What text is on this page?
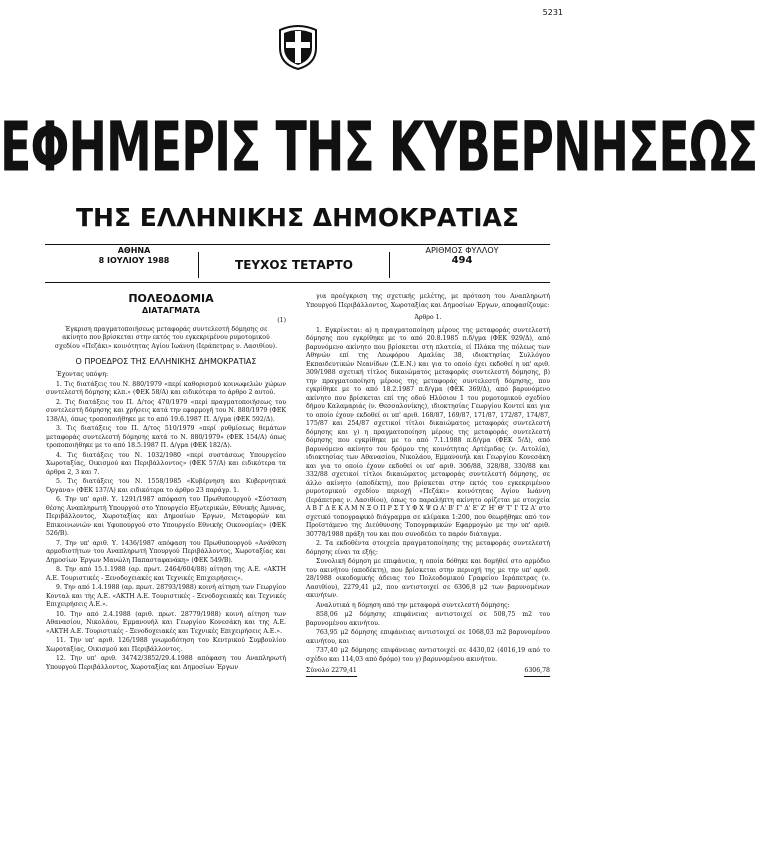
5231
ΕΦΗΜΕΡΙΣ ΤΗΣ ΚΥΒΕΡΝΗΣΕΩΣ
ΤΗΣ ΕΛΛΗΝΙΚΗΣ ΔΗΜΟΚΡΑΤΙΑΣ
ΑΘΗΝΑ
8 ΙΟΥΛΙΟΥ 1988	ΤΕΥΧΟΣ ΤΕΤΑΡΤΟ
ΑΡΙΘΜΟΣ ΦΥΛΛΟΥ
494

ΠΟΛΕΟΔΟΜΙΑ

ΔΙΑΤΑΓΜΑΤΑ

(1)

Έγκριση πραγματοποιήσεως μεταφοράς συντελεστή δόμησης σε ακίνητο που βρίσκεται στην εκτός του εγκεκριμένου ρυμοτομικού σχεδίου «Πεζάκι» κοινότητας Αγίου Ιωάννη (Ιεράπετρας ν. Λασιθίου).

Ο ΠΡΟΕΔΡΟΣ ΤΗΣ ΕΛΛΗΝΙΚΗΣ ΔΗΜΟΚΡΑΤΙΑΣ

Έχοντας υπόψη:

1. Τις διατάξεις του Ν. 880/1979 «περί καθορισμού κοινωφελών χώρων συντελεστή δόμησης κλπ.» (ΦΕΚ 58/Α) και ειδικότερα το άρθρο 2 αυτού.

2. Τις διατάξεις του Π. Δ/τος 470/1979 «περί πραγματοποιήσεως του συντελεστή δόμησης και χρήσεις κατά την εφαρμογή του Ν. 880/1979 (ΦΕΚ 138/Α), όπως τροποποιήθηκε με το από 19.6.1987 Π. Δ/γμα (ΦΕΚ 592/Δ).

3. Τις διατάξεις του Π. Δ/τος 510/1979 «περί ρυθμίσεως θεμάτων μεταφοράς συντελεστή δόμησης κατά το Ν. 880/1979» (ΦΕΚ 154/Α) όπως τροποποιήθηκε με το από 18.5.1987 Π. Δ/γμα (ΦΕΚ 182/Δ).

4. Τις διατάξεις του Ν. 1032/1980 «περί συστάσεως Υπουργείου Χωροταξίας, Οικισμού και Περιβάλλοντος» (ΦΕΚ 57/Α) και ειδικότερα τα άρθρα 2, 3 και 7.

5. Τις διατάξεις του Ν. 1558/1985 «Κυβέρνηση και Κυβερνητικά Όργανα» (ΦΕΚ 137/Α) και ειδικότερα το άρθρο 23 παράγρ. 1.

6. Την υπ' αριθ. Υ. 1291/1987 απόφαση του Πρωθυπουργού «Σύσταση θέσης Αναπληρωτή Υπουργού στο Υπουργείο Εξωτερικών, Εθνικής Άμυνας, Περιβάλλοντος, Χωροταξίας και Δημοσίων Έργων, Μεταφορών και Επικοινωνιών και Υφυπουργού στο Υπουργείο Εθνικής Οικονομίας» (ΦΕΚ 526/Β).

7. Την υπ' αριθ. Υ. 1436/1987 απόφαση του Πρωθυπουργού «Ανάθεση αρμοδιοτήτων του Αναπληρωτή Υπουργού Περιβάλλοντος, Χωροταξίας και Δημοσίων Έργων Μανώλη Παπασταφανάκη» (ΦΕΚ 549/Β).

8. Την από 15.1.1988 (αρ. πρωτ. 2464/604/88) αίτηση της Α.Ε. «ΑΚΤΗ Α.Ε. Τουριστικές - Ξενοδοχειακές και Τεχνικές Επιχειρήσεις».

9. Την από 1.4.1988 (αρ. πρωτ. 28793/1988) κοινή αίτηση των Γεωργίου Κονταλ και της Α.Ε. «ΑΚΤΗ Α.Ε. Τουριστικές - Ξενοδοχειακές και Τεχνικές Επιχειρήσεις Α.Ε.».

10. Την από 2.4.1988 (αριθ. πρωτ. 28779/1988) κοινή αίτηση των Αθανασίου, Νικολάου, Εμμανουήλ και Γεωργίου Κονεσάκη και της Α.Ε. «ΑΚΤΗ Α.Ε. Τουριστικές - Ξενοδοχειακές και Τεχνικές Επιχειρήσεις Α.Ε.».

11. Την υπ' αριθ. 126/1988 γνωμοδότηση του Κεντρικού Συμβουλίου Χωροταξίας, Οικισμού και Περιβάλλοντος.

12. Την υπ' αριθ. 34742/3852/29.4.1988 απόφαση του Αναπληρωτή Υπουργού Περιβάλλοντος, Χωροταξίας και Δημοσίων Έργων

για προέγκριση της σχετικής μελέτης, με πρόταση του Αναπληρωτή Υπουργού Περιβάλλοντος, Χωροταξίας και Δημοσίων Έργων, αποφασίζουμε:

Άρθρο 1.

1. Εγκρίνεται: α) η πραγματοποίηση μέρους της μεταφοράς συντελεστή δόμησης που εγκρίθηκε με το από 20.8.1985 π.δ/γμα (ΦΕΚ 929/Δ), από βαρυνόμενο ακίνητο που βρίσκεται στη πλατεία, εί Πλάκα της πόλεως των Αθηνών επί της Λεωφόρου Αμαλίας 38, ιδιοκτησίας Συλλόγου Εκπαιδευτικών Νεανίδων (Σ.Ε.Ν.) και για το οποίο έχει εκδοθεί η υπ' αριθ. 309/1988 σχετική τίτλος δικαιώματος μεταφοράς συντελεστή δόμησης, β) την πραγματοποίηση μέρους της μεταφοράς συντελεστή δόμησης, που εγκρίθηκε με το από 18.2.1987 π.δ/γμα (ΦΕΚ 369/Δ), από βαρυνόμενο ακίνητο που βρίσκεται επί της οδού Ηλύσιου 1 του ρυμοτομικού σχεδίου δήμου Καλαμαριάς (ν. Θεσσαλονίκης), ιδιοκτησίας Γεωργίου Κοντεί και για το οποίο έχουν εκδοθεί οι υπ' αριθ. 168/87, 169/87, 171/87, 172/87, 174/87, 175/87 και 254/87 σχετικοί τίτλοι δικαιώματος μεταφοράς συντελεστή δόμησης και γ) η πραγματοποίηση μέρους της μεταφοράς συντελεστή δόμησης που εγκρίθηκε με το από 7.1.1988 π.δ/γμα (ΦΕΚ 5/Δ), από βαρυνόμενο ακίνητο του δρόμου της κοινότητας Αρτέμιδας (ν. Αιτολία), ιδιοκτησίας των Αθανασίου, Νικολάου, Εμμανουήλ και Γεωργίου Κονεσάκη και για το οποίο έχουν εκδοθεί οι υπ' αριθ. 306/88, 328/88, 330/88 και 332/88 σχετικοί τίτλοι δικαιώματος μεταφοράς συντελεστή δόμησης, σε άλλο ακίνητο (αποδέκτη), που βρίσκεται στην εκτός του εγκεκριμένου ρυμοτομικού σχεδίου περιοχή «Πεζάκι» κοινότητας Αγίου Ιωάννη (Ιεράπετρας ν. Λασιθίου), όπως το παραλήπτη ακίνητο ορίζεται με στοιχεία Α Β Γ Δ Ε Κ Λ Μ Ν Ξ Ο Π Ρ Σ Τ Υ Φ Χ Ψ Ω Α' Β' Γ' Δ' Ε' Ζ' Η' Θ' Τ' Ι' Τ2 Α' στο σχετικό τοπογραφικό διάγραμμα σε κλίμακα 1:200, που θεωρήθηκε από τον Προϊστάμενο της Διεύθυνσης Τοπογραφικών Εφαρμογών με την υπ' αριθ. 30778/1988 πράξη του και που συνοδεύει το παρόν διάταγμα.

2. Τα εκδοθέντα στοιχεία πραγματοποίησης της μεταφοράς συντελεστή δόμησης είναι τα εξής:

Συνολική δόμηση με επιφάνεια, η οποία δόθηκε και δομήθεί στο αρμόδιο του ακινήτου (αποδέκτη), που βρίσκεται στην περιοχή της με την υπ' αριθ. 28/1988 οικοδομικής άδειας του Πολεοδομικού Γραφείου Ιεράπετρας (ν. Λασιθίου), 2279,41 μ2, που αντιστοιχεί σε 6306,8 μ2 των βαρυνομένων ακινήτων.

Αναλυτικά η δόμηση από την μεταφορά συντελεστή δόμησης:

858,06 μ2 δόμησης επιφάνειας αντιστοιχεί σε 508,75 m2 του βαρυνομένου ακινήτου.

763,95 μ2 δόμησης επιφάνειας αντιστοιχεί σε 1068,03 m2 βαρυνομένου ακινήτου, και

737,40 μ2 δόμησης επιφάνειας αντιστοιχεί σε 4430,02 (4016,19 από το σχέδιο και 114,03 από δρόμο) του γ) βαρυνομένου ακινήτου.

Σύνολο 2279,41	6306,78
